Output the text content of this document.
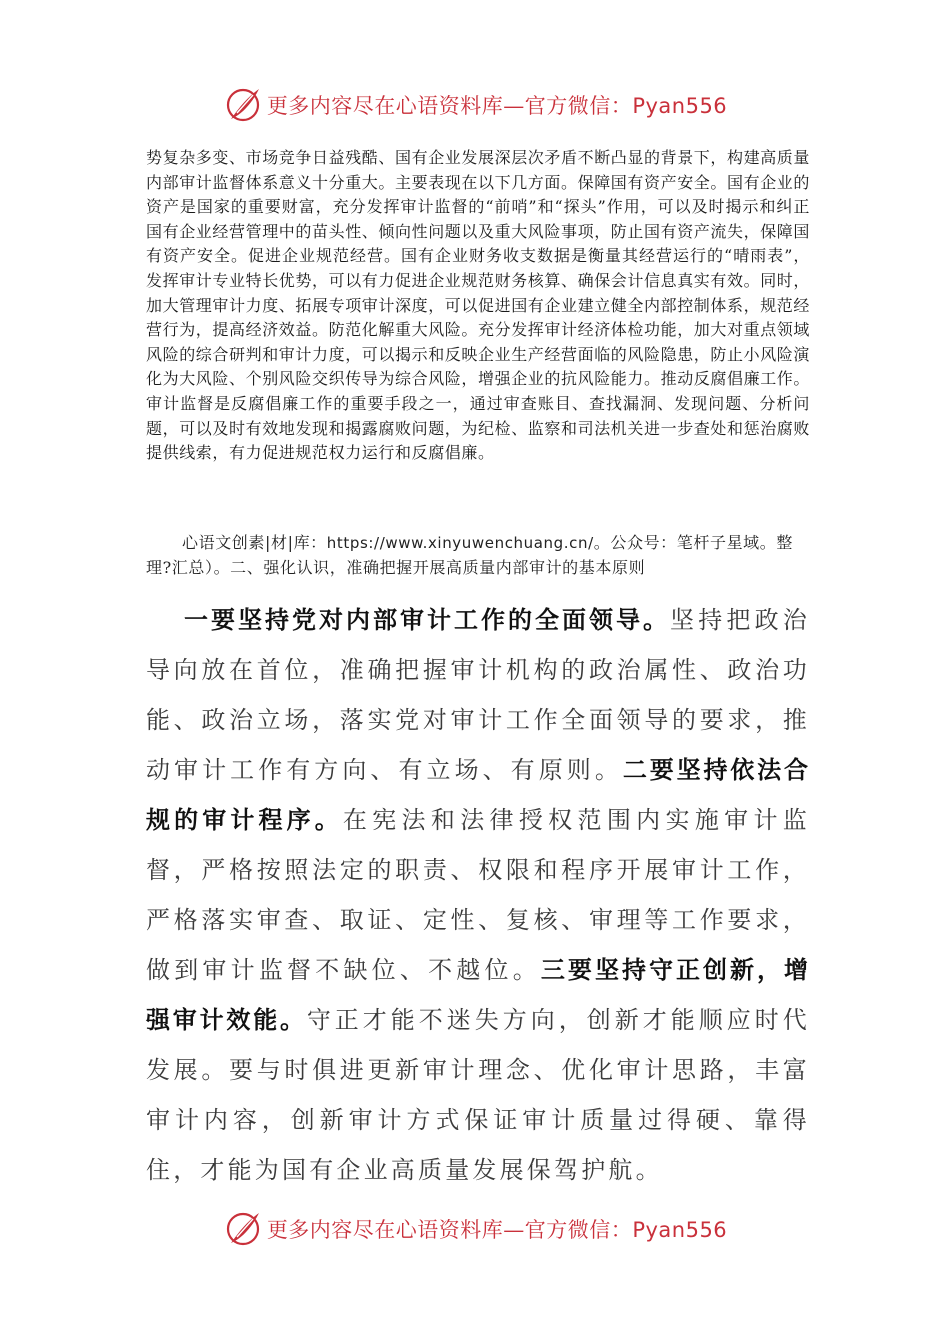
更多内容尽在心语资料库—官方微信：Pyan556

势复杂多变、市场竞争日益残酷、国有企业发展深层次矛盾不断凸显的背景下，构建高质量内部审计监督体系意义十分重大。主要表现在以下几方面。保障国有资产安全。国有企业的资产是国家的重要财富，充分发挥审计监督的“前哨”和“探头”作用，可以及时揭示和纠正国有企业经营管理中的苗头性、倾向性问题以及重大风险事项，防止国有资产流失，保障国有资产安全。促进企业规范经营。国有企业财务收支数据是衡量其经营运行的“晴雨表”，发挥审计专业特长优势，可以有力促进企业规范财务核算、确保会计信息真实有效。同时，加大管理审计力度、拓展专项审计深度，可以促进国有企业建立健全内部控制体系，规范经营行为，提高经济效益。防范化解重大风险。充分发挥审计经济体检功能，加大对重点领域风险的综合研判和审计力度，可以揭示和反映企业生产经营面临的风险隐患，防止小风险演化为大风险、个别风险交织传导为综合风险，增强企业的抗风险能力。推动反腐倡廉工作。审计监督是反腐倡廉工作的重要手段之一，通过审查账目、查找漏洞、发现问题、分析问题，可以及时有效地发现和揭露腐败问题，为纪检、监察和司法机关进一步查处和惩治腐败提供线索，有力促进规范权力运行和反腐倡廉。

心语文创素|材|库：https://www.xinyuwenchuang.cn/。公众号：笔杆子星域。整理?汇总）。二、强化认识，准确把握开展高质量内部审计的基本原则

一要坚持党对内部审计工作的全面领导。坚持把政治导向放在首位，准确把握审计机构的政治属性、政治功能、政治立场，落实党对审计工作全面领导的要求，推动审计工作有方向、有立场、有原则。二要坚持依法合规的审计程序。在宪法和法律授权范围内实施审计监督，严格按照法定的职责、权限和程序开展审计工作，严格落实审查、取证、定性、复核、审理等工作要求，做到审计监督不缺位、不越位。三要坚持守正创新，增强审计效能。守正才能不迷失方向，创新才能顺应时代发展。要与时俱进更新审计理念、优化审计思路，丰富审计内容，创新审计方式保证审计质量过得硬、靠得住，才能为国有企业高质量发展保驾护航。

更多内容尽在心语资料库—官方微信：Pyan556
